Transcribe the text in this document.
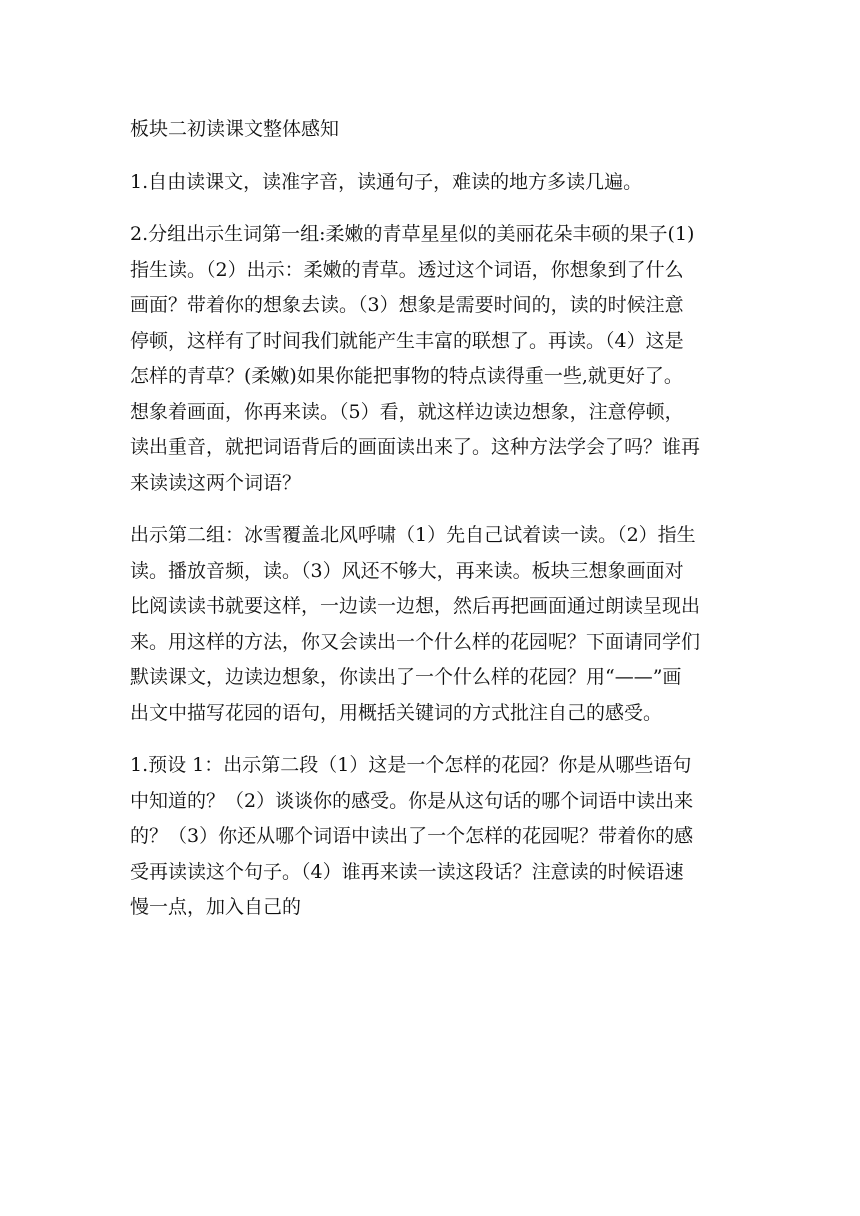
板块二初读课文整体感知

1.自由读课文，读准字音，读通句子，难读的地方多读几遍。
2.分组出示生词第一组:柔嫩的青草星星似的美丽花朵丰硕的果子(1)
指生读。（2）出示：柔嫩的青草。透过这个词语，你想象到了什么
画面？带着你的想象去读。（3）想象是需要时间的，读的时候注意
停顿，这样有了时间我们就能产生丰富的联想了。再读。（4）这是
怎样的青草？(柔嫩)如果你能把事物的特点读得重一些,就更好了。
想象着画面，你再来读。（5）看，就这样边读边想象，注意停顿，
读出重音，就把词语背后的画面读出来了。这种方法学会了吗？谁再
来读读这两个词语？
出示第二组：冰雪覆盖北风呼啸（1）先自己试着读一读。（2）指生
读。播放音频，读。（3）风还不够大，再来读。板块三想象画面对
比阅读读书就要这样，一边读一边想，然后再把画面通过朗读呈现出
来。用这样的方法，你又会读出一个什么样的花园呢？下面请同学们
默读课文，边读边想象，你读出了一个什么样的花园？用“——”画
出文中描写花园的语句，用概括关键词的方式批注自己的感受。
1.预设 1：出示第二段（1）这是一个怎样的花园？你是从哪些语句
中知道的？（2）谈谈你的感受。你是从这句话的哪个词语中读出来
的？（3）你还从哪个词语中读出了一个怎样的花园呢？带着你的感
受再读读这个句子。（4）谁再来读一读这段话？注意读的时候语速
慢一点，加入自己的
